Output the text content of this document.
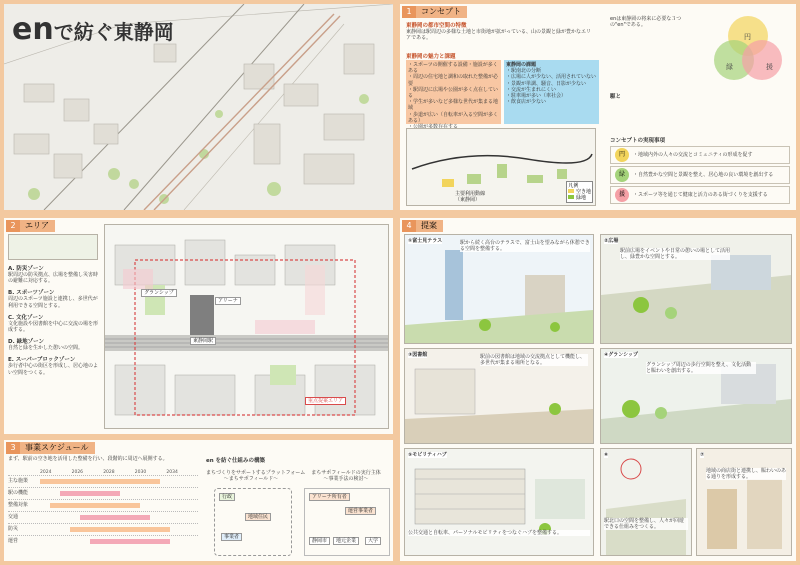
enで紡ぐ東静岡
1	コンセプト
東静岡の都市空間の特徴
東静岡は駅周辺の多様な土地と市街地が拡がっている、山の景観と緑が豊かなエリアである。
東静岡の魅力と課題
・スポーツの開催する設備・施設が多くある
・周辺の住宅地と調和の取れた整備が必要
・駅周辺に広場や公園が多く点在している
・学生が多いなど多様な世代が集まる地域
・歩道が広い（自転車が入る空間が多くある）
東静岡の課題
・駅南北の分断
・広場に人が少ない、活用されていない
・景観が単調、騒音、日影が少ない
・交流が生まれにくい
・駐車場が多い（車社会）
・飲食店が少ない
主要利用動線
（東静岡）
凡例
空き地
緑地
enは東静岡の将来に必要な３つの"en"である。
円
緑	援
駆と
コンセプトの実現事項
円	・地域内外の人々の交流とコミュニティの形成を促す
緑	・自然豊かな空間と景観を整え、居心地の良い環境を創出する
援	・スポーツ等を通じて健康と活力のある街づくりを支援する
2	エリア
A. 防災ゾーン
駅周辺の防災拠点、広場を整備し災害時の避難に対応する。
B. スポーツゾーン
周辺のスポーツ施設と連携し、多世代が利用できる空間とする。
C. 文化ゾーン
文化施設や図書館を中心に交流の場を形成する。
D. 緑地ゾーン
自然と緑を生かした憩いの空間。
E. スーパーブロックゾーン
歩行者中心の街区を形成し、居心地のよい空間をつくる。
グランシップ
東静岡駅
アリーナ
重点提案エリア
3	事業スケジュール
まず、駅前の空き地を活用した整備を行い、段階的に周辺へ展開する。
2024	2026	2028	2030	2034
主な施策
駅の機能
整備対象
交通
防災
運営
en を紡ぐ仕組みの構築
まちづくりをサポートするプラットフォーム
〜まちサポフィールド〜
まちサポフィールドの実行主体
〜事業手法の検討〜
行政
地域住民
事業者
アリーナ所有者
運営事業者
静岡市	地元企業	大学
4	提案
①富士見テラス	駅から続く高台のテラスで、富士山を望みながら休憩できる空間を整備する。
②広場
駅前広場をイベントや日常の憩いの場として活用し、緑豊かな空間とする。
③図書館	駅前の図書館は地域の交流拠点として機能し、多世代が集まる場所となる。
④グランシップ
グランシップ周辺の歩行空間を整え、文化活動と賑わいを創出する。
⑤モビリティハブ
公共交通と自転車、パーソナルモビリティをつなぐハブを整備する。
⑥
駅北口の空間を整備し、人々が回遊できる仕組みをつくる。
⑦
地域の商店街と連携し、賑わいのある通りを形成する。
